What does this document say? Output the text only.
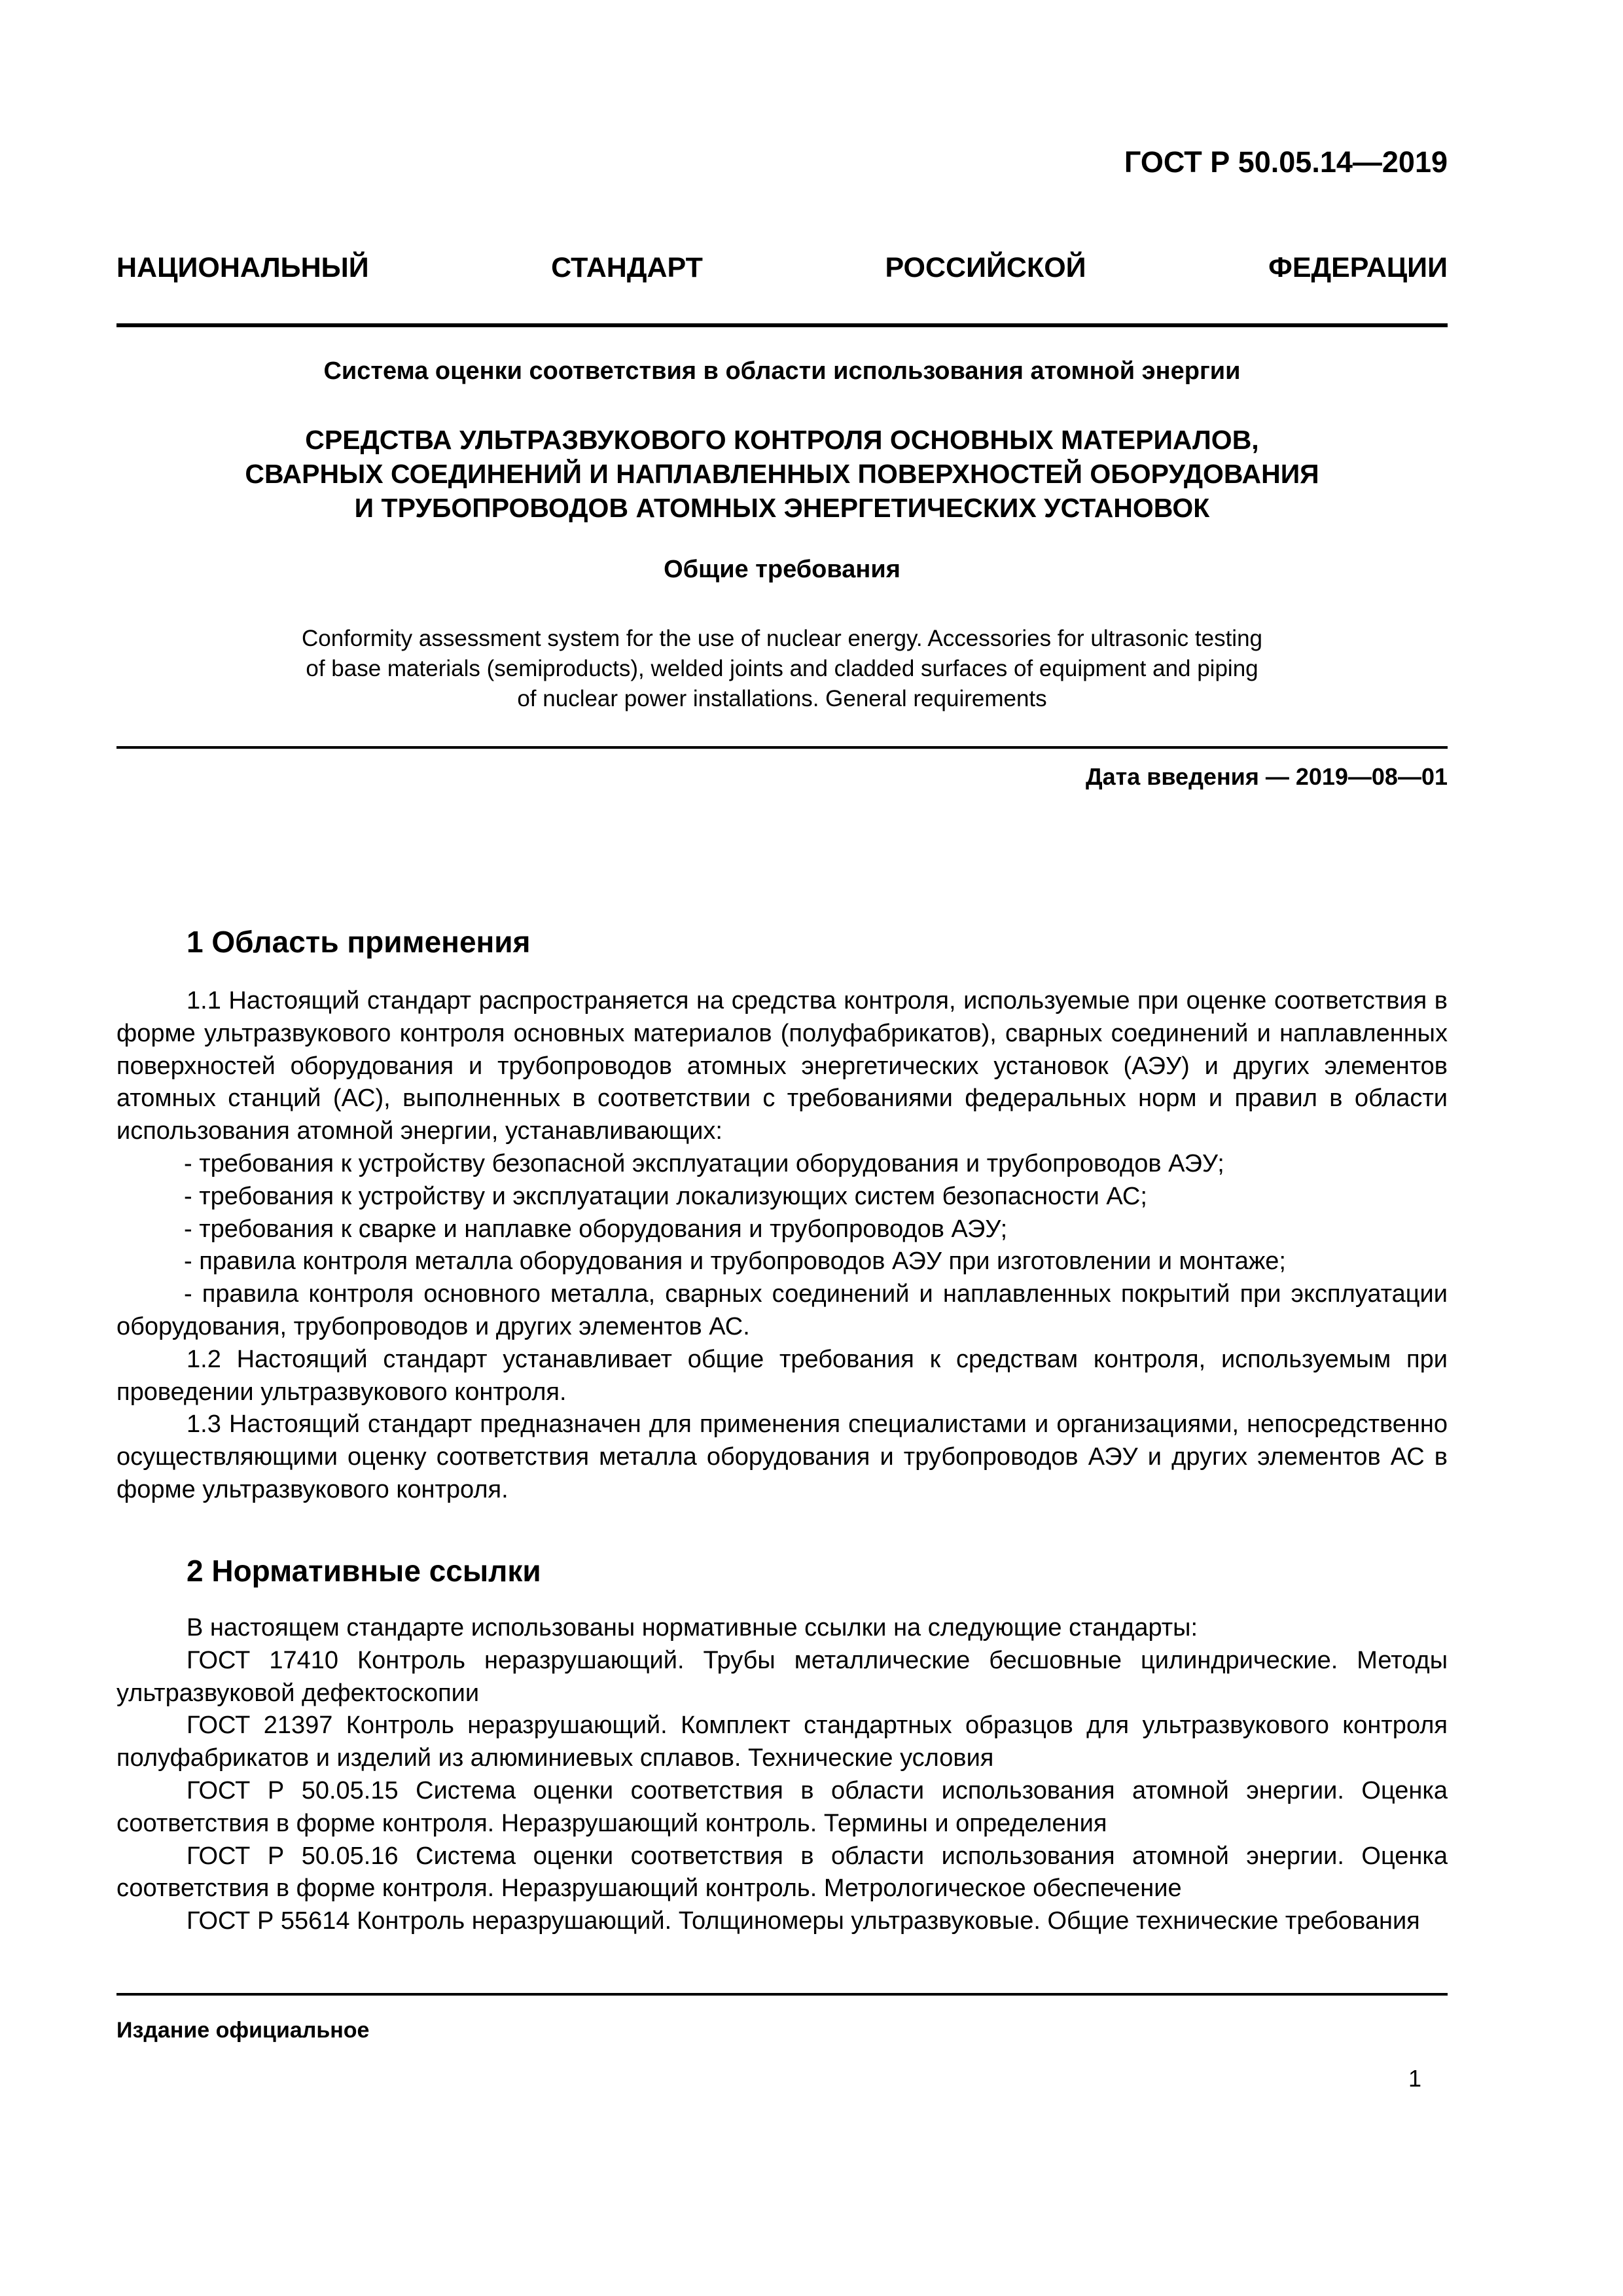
ГОСТ Р 50.05.14—2019
НАЦИОНАЛЬНЫЙ СТАНДАРТ РОССИЙСКОЙ ФЕДЕРАЦИИ
Система оценки соответствия в области использования атомной энергии
СРЕДСТВА УЛЬТРАЗВУКОВОГО КОНТРОЛЯ ОСНОВНЫХ МАТЕРИАЛОВ,
СВАРНЫХ СОЕДИНЕНИЙ И НАПЛАВЛЕННЫХ ПОВЕРХНОСТЕЙ ОБОРУДОВАНИЯ
И ТРУБОПРОВОДОВ АТОМНЫХ ЭНЕРГЕТИЧЕСКИХ УСТАНОВОК
Общие требования
Conformity assessment system for the use of nuclear energy. Accessories for ultrasonic testing
of base materials (semiproducts), welded joints and cladded surfaces of equipment and piping
of nuclear power installations. General requirements
Дата введения — 2019—08—01
1 Область применения

1.1 Настоящий стандарт распространяется на средства контроля, используемые при оценке соответствия в форме ультразвукового контроля основных материалов (полуфабрикатов), сварных соединений и наплавленных поверхностей оборудования и трубопроводов атомных энергетических установок (АЭУ) и других элементов атомных станций (АС), выполненных в соответствии с требованиями федеральных норм и правил в области использования атомной энергии, устанавливающих:

- требования к устройству безопасной эксплуатации оборудования и трубопроводов АЭУ;

- требования к устройству и эксплуатации локализующих систем безопасности АС;

- требования к сварке и наплавке оборудования и трубопроводов АЭУ;

- правила контроля металла оборудования и трубопроводов АЭУ при изготовлении и монтаже;

- правила контроля основного металла, сварных соединений и наплавленных покрытий при эксплуатации оборудования, трубопроводов и других элементов АС.

1.2 Настоящий стандарт устанавливает общие требования к средствам контроля, используемым при проведении ультразвукового контроля.

1.3 Настоящий стандарт предназначен для применения специалистами и организациями, непосредственно осуществляющими оценку соответствия металла оборудования и трубопроводов АЭУ и других элементов АС в форме ультразвукового контроля.

2 Нормативные ссылки

В настоящем стандарте использованы нормативные ссылки на следующие стандарты:

ГОСТ 17410 Контроль неразрушающий. Трубы металлические бесшовные цилиндрические. Методы ультразвуковой дефектоскопии

ГОСТ 21397 Контроль неразрушающий. Комплект стандартных образцов для ультразвукового контроля полуфабрикатов и изделий из алюминиевых сплавов. Технические условия

ГОСТ Р 50.05.15 Система оценки соответствия в области использования атомной энергии. Оценка соответствия в форме контроля. Неразрушающий контроль. Термины и определения

ГОСТ Р 50.05.16 Система оценки соответствия в области использования атомной энергии. Оценка соответствия в форме контроля. Неразрушающий контроль. Метрологическое обеспечение

ГОСТ Р 55614 Контроль неразрушающий. Толщиномеры ультразвуковые. Общие технические требования

Издание официальное
1
